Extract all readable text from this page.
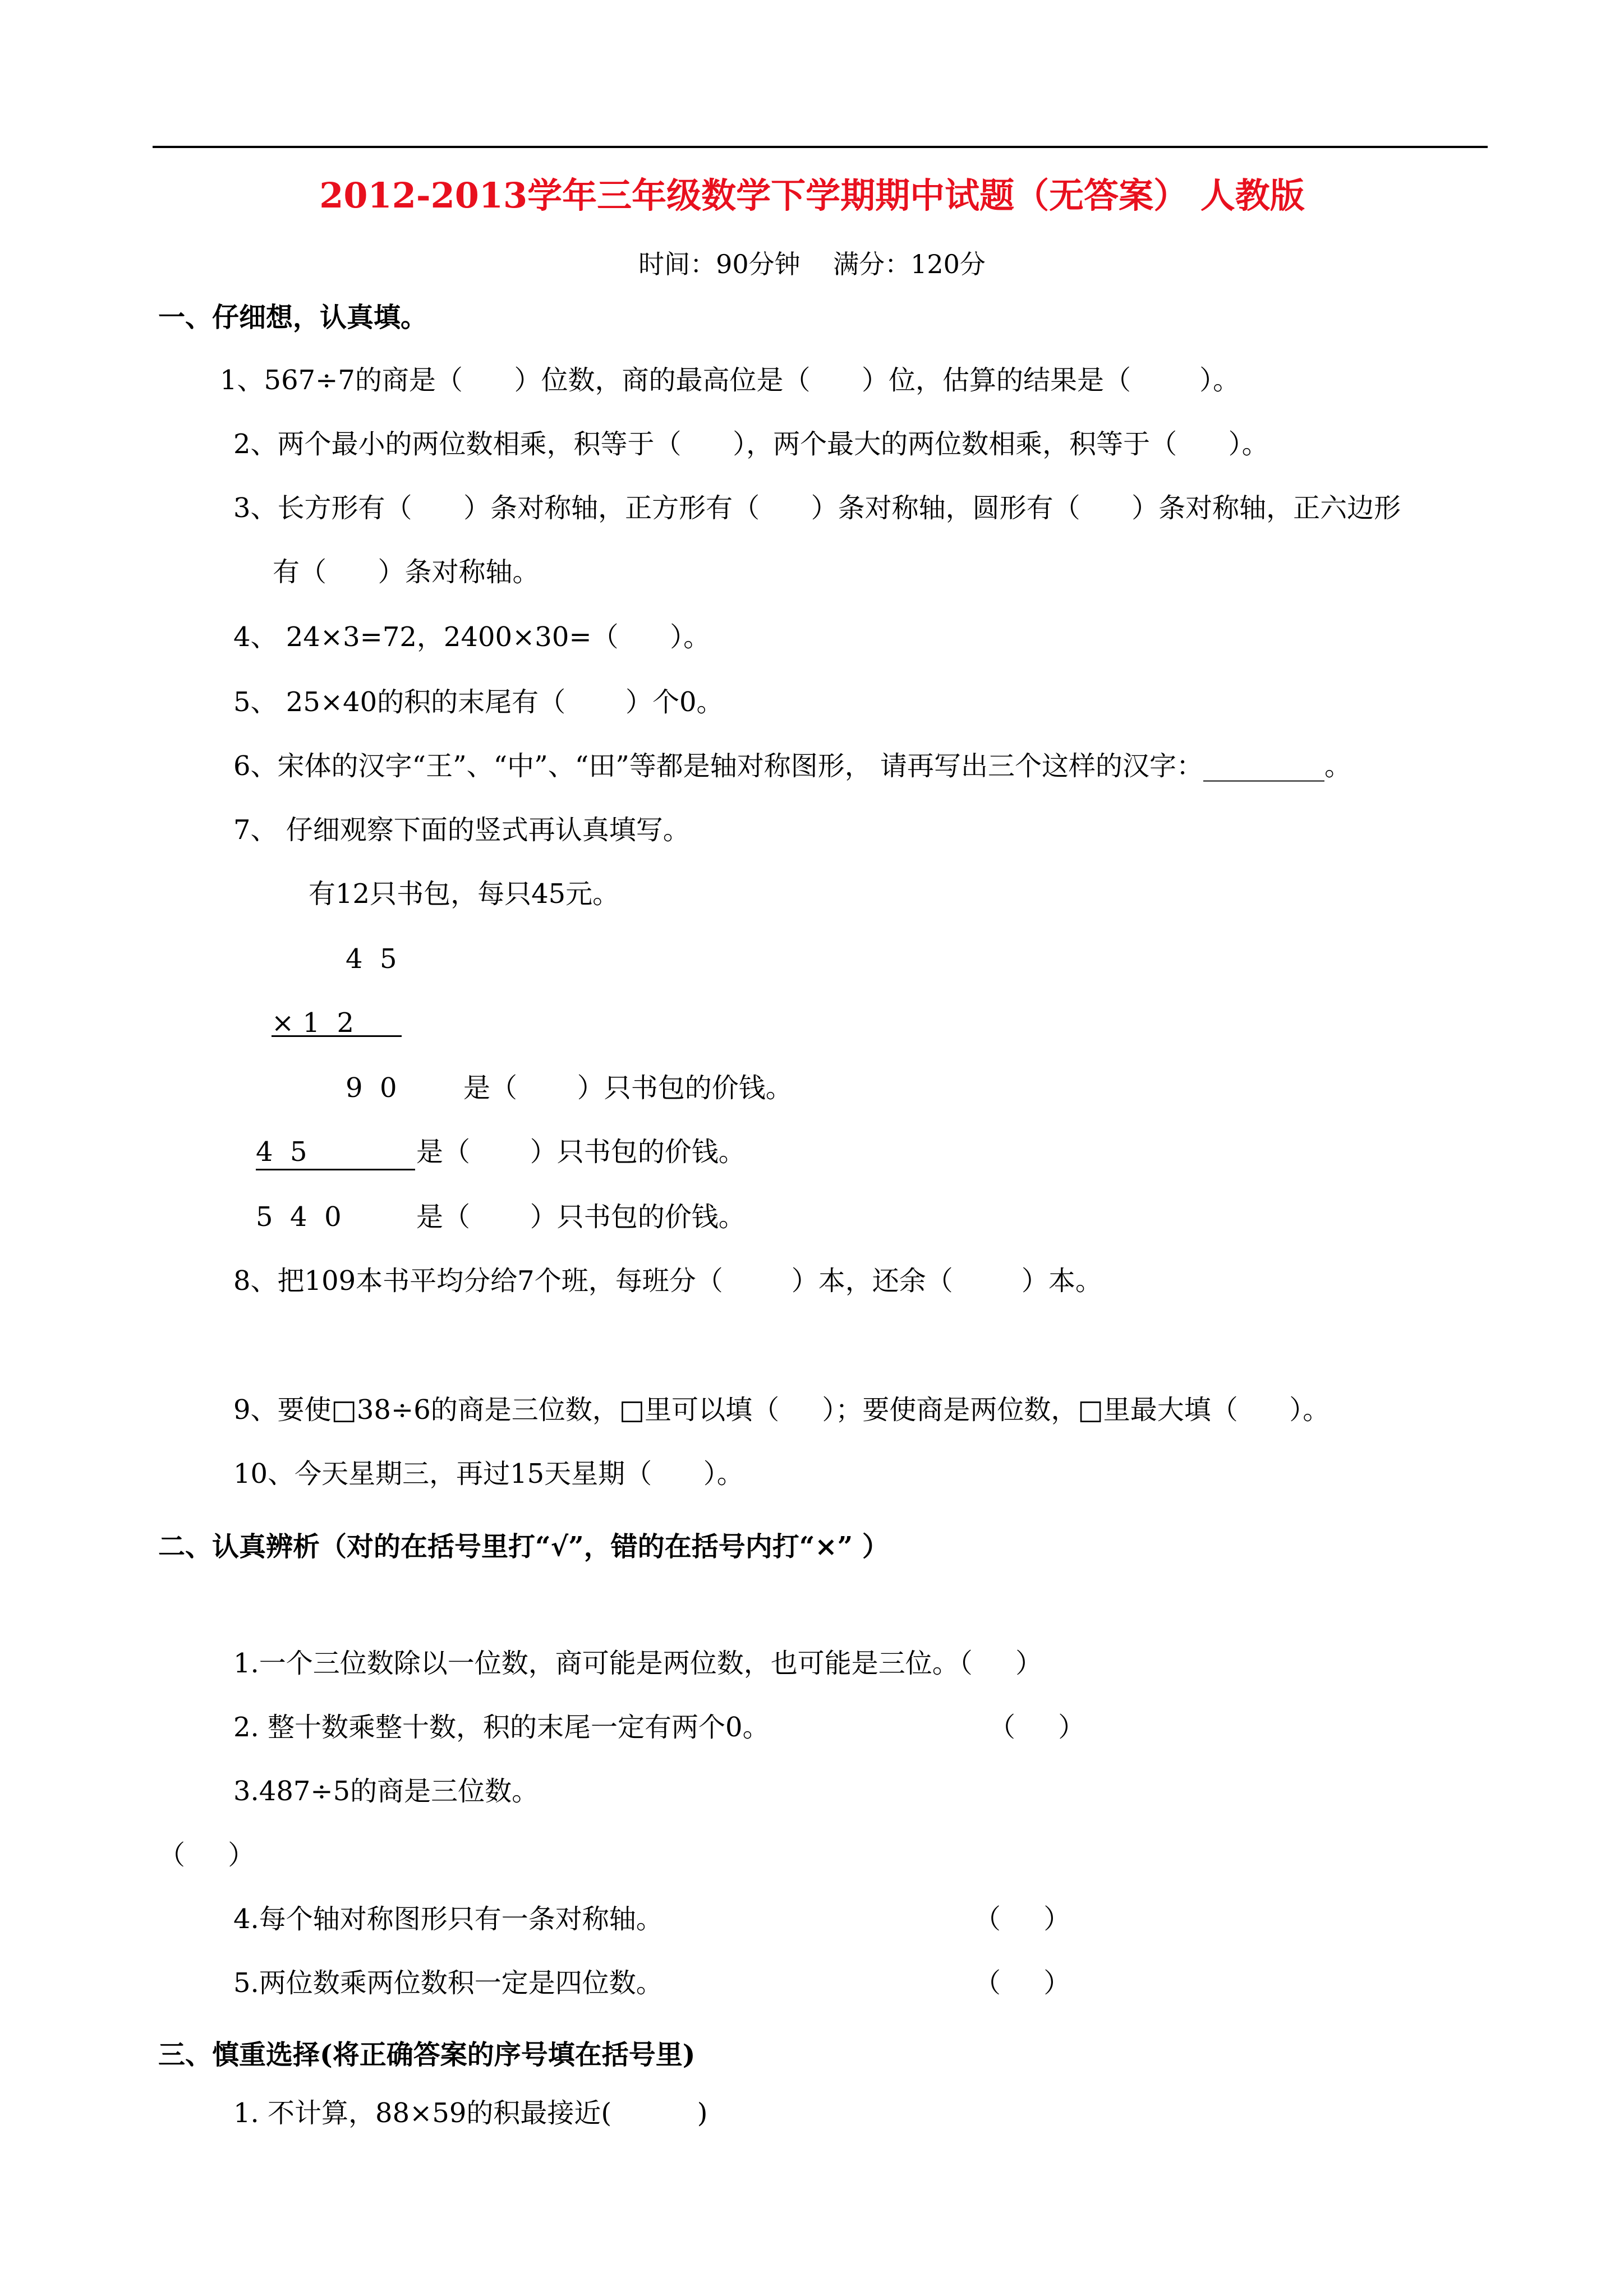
2012-2013学年三年级数学下学期期中试题（无答案） 人教版
时间：90分钟    满分：120分
一、仔细想，认真填。
1、567÷7的商是（      ）位数，商的最高位是（      ）位，估算的结果是（        ）。
2、两个最小的两位数相乘，积等于（      ），两个最大的两位数相乘，积等于（      ）。
3、长方形有（      ）条对称轴，正方形有（      ）条对称轴，圆形有（      ）条对称轴，正六边形
有（      ）条对称轴。
4、 24×3=72，2400×30=（      ）。
5、 25×40的积的末尾有（       ）个0。
6、宋体的汉字“王”、“中”、“田”等都是轴对称图形， 请再写出三个这样的汉字：_________。
7、 仔细观察下面的竖式再认真填写。
有12只书包，每只45元。
4  5
× 1  2
9  0 是（       ）只书包的价钱。
4  5	是（       ）只书包的价钱。
5  4  0	是（       ）只书包的价钱。
8、把109本书平均分给7个班，每班分（        ）本，还余（        ）本。
9、要使□38÷6的商是三位数，□里可以填（     ）；要使商是两位数，□里最大填（      ）。
10、今天星期三，再过15天星期（      ）。
二、认真辨析（对的在括号里打“√”，错的在括号内打“×” ）
1.一个三位数除以一位数，商可能是两位数，也可能是三位。（     ）
2. 整十数乘整十数，积的末尾一定有两个0。	（     ）
3.487÷5的商是三位数。
（     ）
4.每个轴对称图形只有一条对称轴。	（     ）
5.两位数乘两位数积一定是四位数。	（     ）
三、慎重选择(将正确答案的序号填在括号里)
1. 不计算，88×59的积最接近(          )
